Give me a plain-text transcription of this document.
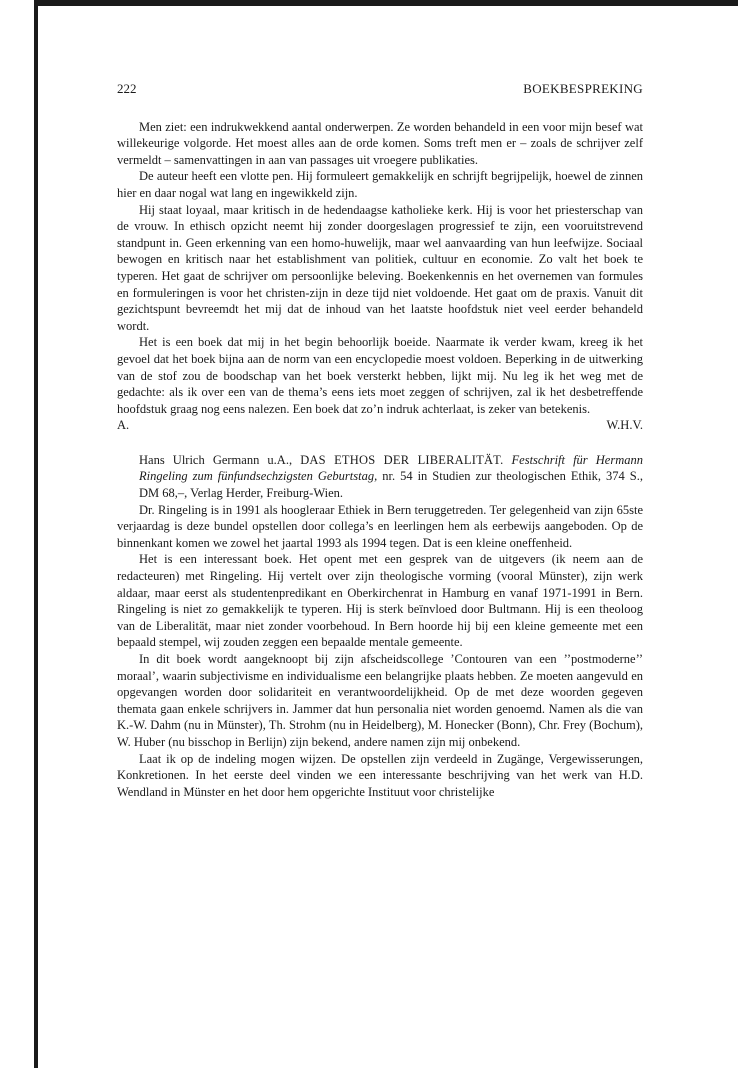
222	BOEKBESPREKING

Men ziet: een indrukwekkend aantal onderwerpen. Ze worden behandeld in een voor mijn besef wat willekeurige volgorde. Het moest alles aan de orde komen. Soms treft men er – zoals de schrijver zelf vermeldt – samenvattingen in aan van passages uit vroegere publikaties.

De auteur heeft een vlotte pen. Hij formuleert gemakkelijk en schrijft begrijpelijk, hoewel de zinnen hier en daar nogal wat lang en ingewikkeld zijn.

Hij staat loyaal, maar kritisch in de hedendaagse katholieke kerk. Hij is voor het priesterschap van de vrouw. In ethisch opzicht neemt hij zonder doorgeslagen progressief te zijn, een vooruitstrevend standpunt in. Geen erkenning van een homo-huwelijk, maar wel aanvaarding van hun leefwijze. Sociaal bewogen en kritisch naar het establishment van politiek, cultuur en economie. Zo valt het boek te typeren. Het gaat de schrijver om persoonlijke beleving. Boekenkennis en het overnemen van formules en formuleringen is voor het christen-zijn in deze tijd niet voldoende. Het gaat om de praxis. Vanuit dit gezichtspunt bevreemdt het mij dat de inhoud van het laatste hoofdstuk niet veel eerder behandeld wordt.

Het is een boek dat mij in het begin behoorlijk boeide. Naarmate ik verder kwam, kreeg ik het gevoel dat het boek bijna aan de norm van een encyclopedie moest voldoen. Beperking in de uitwerking van de stof zou de boodschap van het boek versterkt hebben, lijkt mij. Nu leg ik het weg met de gedachte: als ik over een van de thema’s eens iets moet zeggen of schrijven, zal ik het desbetreffende hoofdstuk graag nog eens nalezen. Een boek dat zo’n indruk achterlaat, is zeker van betekenis.

A.	W.H.V.
Hans Ulrich Germann u.A., DAS ETHOS DER LIBERALITÄT. Festschrift für Hermann Ringeling zum fünfundsechzigsten Geburtstag, nr. 54 in Studien zur theologischen Ethik, 374 S., DM 68,–, Verlag Herder, Freiburg-Wien.

Dr. Ringeling is in 1991 als hoogleraar Ethiek in Bern teruggetreden. Ter gelegenheid van zijn 65ste verjaardag is deze bundel opstellen door collega’s en leerlingen hem als eerbewijs aangeboden. Op de binnenkant komen we zowel het jaartal 1993 als 1994 tegen. Dat is een kleine oneffenheid.

Het is een interessant boek. Het opent met een gesprek van de uitgevers (ik neem aan de redacteuren) met Ringeling. Hij vertelt over zijn theologische vorming (vooral Münster), zijn werk aldaar, maar eerst als studentenpredikant en Oberkirchenrat in Hamburg en vanaf 1971-1991 in Bern. Ringeling is niet zo gemakkelijk te typeren. Hij is sterk beïnvloed door Bultmann. Hij is een theoloog van de Liberalität, maar niet zonder voorbehoud. In Bern hoorde hij bij een kleine gemeente met een bepaald stempel, wij zouden zeggen een bepaalde mentale gemeente.

In dit boek wordt aangeknoopt bij zijn afscheidscollege ’Contouren van een ’’postmoderne’’ moraal’, waarin subjectivisme en individualisme een belangrijke plaats hebben. Ze moeten aangevuld en opgevangen worden door solidariteit en verantwoordelijkheid. Op de met deze woorden gegeven themata gaan enkele schrijvers in. Jammer dat hun personalia niet worden genoemd. Namen als die van K.-W. Dahm (nu in Münster), Th. Strohm (nu in Heidelberg), M. Honecker (Bonn), Chr. Frey (Bochum), W. Huber (nu bisschop in Berlijn) zijn bekend, andere namen zijn mij onbekend.

Laat ik op de indeling mogen wijzen. De opstellen zijn verdeeld in Zugänge, Vergewisserungen, Konkretionen. In het eerste deel vinden we een interessante beschrijving van het werk van H.D. Wendland in Münster en het door hem opgerichte Instituut voor christelijke
